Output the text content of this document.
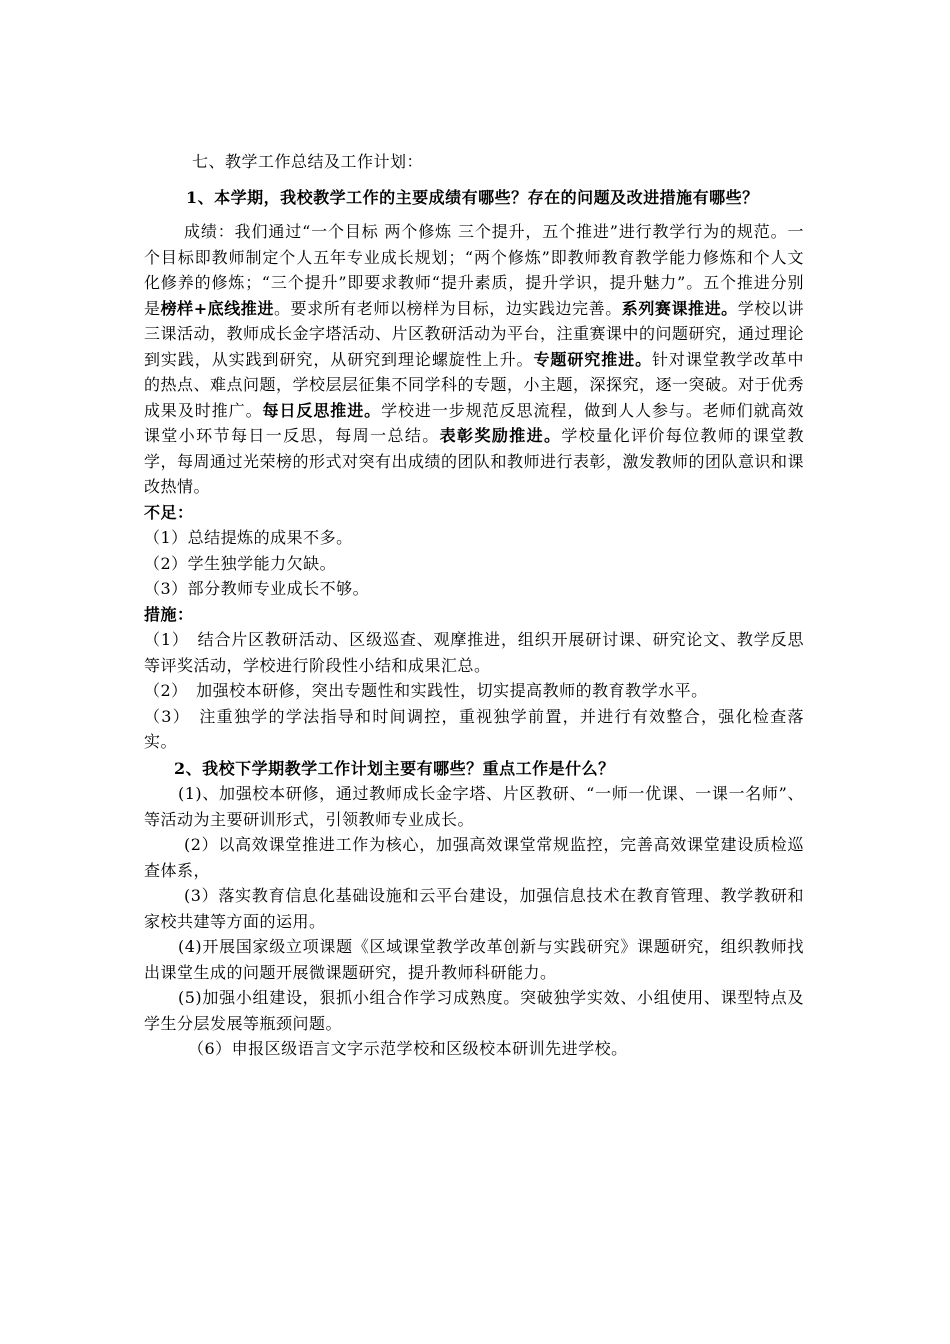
七、教学工作总结及工作计划：

1、本学期，我校教学工作的主要成绩有哪些？存在的问题及改进措施有哪些？

成绩：我们通过“一个目标 两个修炼 三个提升，五个推进”进行教学行为的规范。一个目标即教师制定个人五年专业成长规划；“两个修炼”即教师教育教学能力修炼和个人文化修养的修炼；“三个提升”即要求教师“提升素质，提升学识，提升魅力”。五个推进分别是榜样+底线推进。要求所有老师以榜样为目标，边实践边完善。系列赛课推进。学校以讲三课活动，教师成长金字塔活动、片区教研活动为平台，注重赛课中的问题研究，通过理论到实践，从实践到研究，从研究到理论螺旋性上升。专题研究推进。针对课堂教学改革中的热点、难点问题，学校层层征集不同学科的专题，小主题，深探究，逐一突破。对于优秀成果及时推广。每日反思推进。学校进一步规范反思流程，做到人人参与。老师们就高效课堂小环节每日一反思，每周一总结。表彰奖励推进。学校量化评价每位教师的课堂教学，每周通过光荣榜的形式对突有出成绩的团队和教师进行表彰，激发教师的团队意识和课改热情。

不足：

（1）总结提炼的成果不多。

（2）学生独学能力欠缺。

（3）部分教师专业成长不够。

措施：

（1）　结合片区教研活动、区级巡查、观摩推进，组织开展研讨课、研究论文、教学反思等评奖活动，学校进行阶段性小结和成果汇总。

（2）　加强校本研修，突出专题性和实践性，切实提高教师的教育教学水平。

（3）　注重独学的学法指导和时间调控，重视独学前置，并进行有效整合，强化检查落实。

2、我校下学期教学工作计划主要有哪些？重点工作是什么？

(1)、加强校本研修，通过教师成长金字塔、片区教研、“一师一优课、一课一名师”、等活动为主要研训形式，引领教师专业成长。

(2）以高效课堂推进工作为核心，加强高效课堂常规监控，完善高效课堂建设质检巡查体系，

(3）落实教育信息化基础设施和云平台建设，加强信息技术在教育管理、教学教研和家校共建等方面的运用。

(4)开展国家级立项课题《区域课堂教学改革创新与实践研究》课题研究，组织教师找出课堂生成的问题开展微课题研究，提升教师科研能力。

(5)加强小组建设，狠抓小组合作学习成熟度。突破独学实效、小组使用、课型特点及学生分层发展等瓶颈问题。

（6）申报区级语言文字示范学校和区级校本研训先进学校。
